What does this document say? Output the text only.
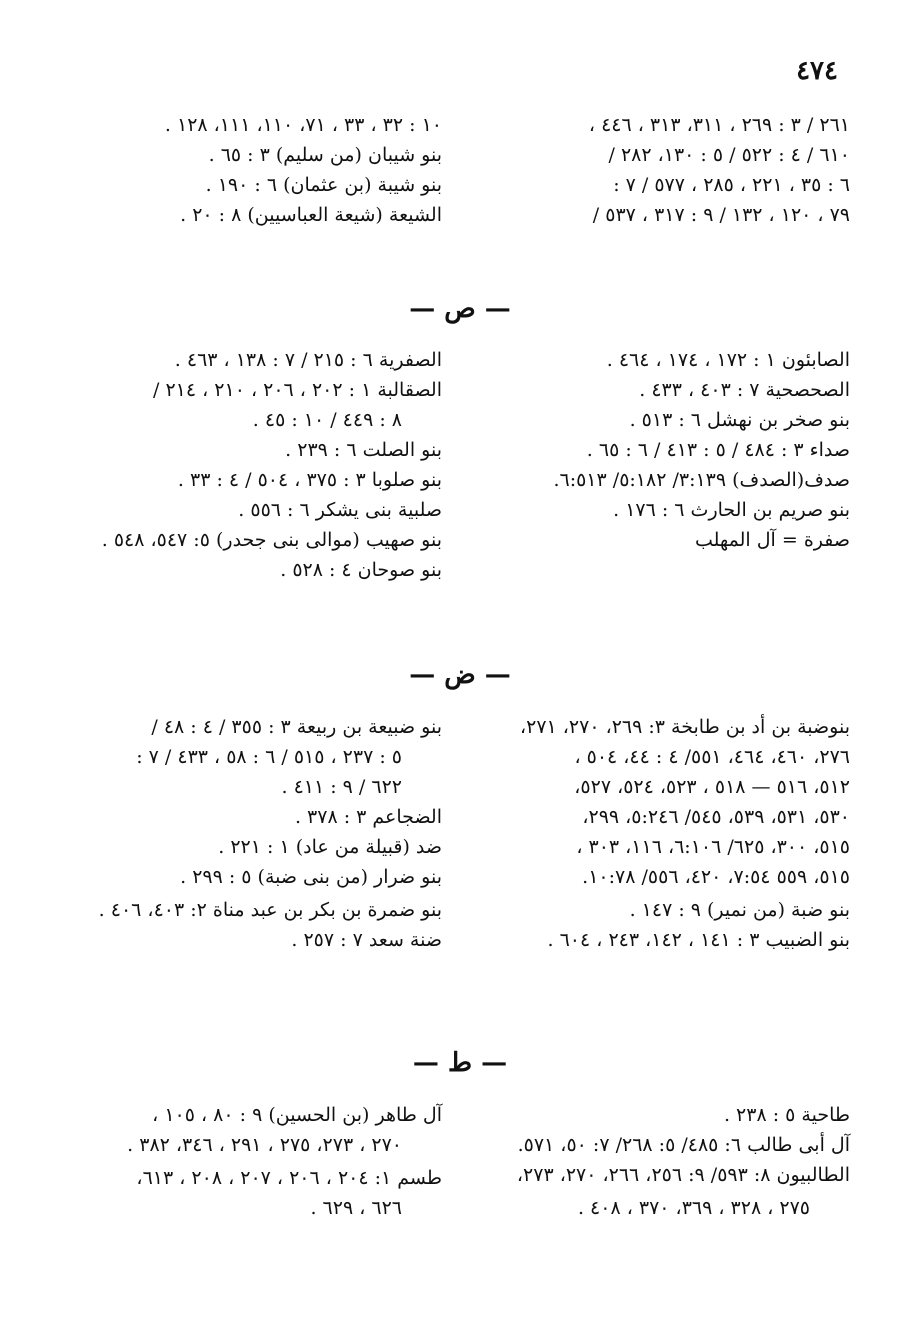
٤٧٤
٢٦١ / ٣ : ٢٦٩ ، ٣١١، ٣١٣ ، ٤٤٦ ،
٦١٠ / ٤ : ٥٢٢ / ٥ : ١٣٠، ٢٨٢ /
٦ : ٣٥ ، ٢٢١ ، ٢٨٥ ، ٥٧٧ / ٧ :
٧٩ ، ١٢٠ ، ١٣٢ / ٩ : ٣١٧ ، ٥٣٧ /
١٠ : ٣٢ ، ٣٣ ، ٧١، ١١٠، ١١١، ١٢٨ .
بنو شيبان (من سليم) ٣ : ٦٥ .
بنو شيبة (بن عثمان) ٦ : ١٩٠ .
الشيعة (شيعة العباسيين) ٨ : ٢٠ .
— ص —
الصابئون ١ : ١٧٢ ، ١٧٤ ، ٤٦٤ .
الصحصحية ٧ : ٤٠٣ ، ٤٣٣ .
بنو صخر بن نهشل ٦ : ٥١٣ .
صداء ٣ : ٤٨٤ / ٥ : ٤١٣ / ٦ : ٦٥ .
صدف(الصدف) ٣:١٣٩/ ٥:١٨٢/ ٦:٥١٣.
بنو صريم بن الحارث ٦ : ١٧٦ .
صفرة = آل المهلب
الصفرية ٦ : ٢١٥ / ٧ : ١٣٨ ، ٤٦٣ .
الصقالبة ١ : ٢٠٢ ، ٢٠٦ ، ٢١٠ ، ٢١٤ /
٨ : ٤٤٩ / ١٠ : ٤٥ .
بنو الصلت ٦ : ٢٣٩ .
بنو صلوبا ٣ : ٣٧٥ ، ٥٠٤ / ٤ : ٣٣ .
صلبية بنى يشكر ٦ : ٥٥٦ .
بنو صهيب (موالى بنى جحدر) ٥: ٥٤٧، ٥٤٨ .
بنو صوحان ٤ : ٥٢٨ .
— ض —
بنوضبة بن أد بن طابخة ٣: ٢٦٩، ٢٧٠، ٢٧١،
٢٧٦، ٤٦٠، ٤٦٤، ٥٥١/ ٤ : ٤٤، ٥٠٤ ،
٥١٢، ٥١٦ — ٥١٨ ، ٥٢٣، ٥٢٤، ٥٢٧،
٥٣٠، ٥٣١، ٥٣٩، ٥٤٥/ ٥:٢٤٦، ٢٩٩،
٥١٥، ٣٠٠، ٦٢٥/ ٦:١٠٦، ١١٦، ٣٠٣ ،
٥١٥، ٥٥٩ ٧:٥٤، ٤٢٠، ٥٥٦/ ١٠:٧٨.
بنو ضبة (من نمير) ٩ : ١٤٧ .
بنو الضبيب ٣ : ١٤١ ، ١٤٢، ٢٤٣ ، ٦٠٤ .
بنو ضبيعة بن ربيعة ٣ : ٣٥٥ / ٤ : ٤٨ /
٥ : ٢٣٧ ، ٥١٥ / ٦ : ٥٨ ، ٤٣٣ / ٧ :
٦٢٢ / ٩ : ٤١١ .
الضجاعم ٣ : ٣٧٨ .
ضد (قبيلة من عاد) ١ : ٢٢١ .
بنو ضرار (من بنى ضبة) ٥ : ٢٩٩ .
بنو ضمرة بن بكر بن عبد مناة ٢: ٤٠٣، ٤٠٦ .
ضنة سعد ٧ : ٢٥٧ .
— ط —
طاحية ٥ : ٢٣٨ .
آل أبى طالب ٦: ٤٨٥/ ٥: ٢٦٨/ ٧: ٥٠، ٥٧١.
الطالبيون ٨: ٥٩٣/ ٩: ٢٥٦، ٢٦٦، ٢٧٠، ٢٧٣،
٢٧٥ ، ٣٢٨ ، ٣٦٩، ٣٧٠ ، ٤٠٨ .
آل طاهر (بن الحسين) ٩ : ٨٠ ، ١٠٥ ،
٢٧٠ ، ٢٧٣، ٢٧٥ ، ٢٩١ ، ٣٤٦، ٣٨٢ .
طسم ١: ٢٠٤ ، ٢٠٦ ، ٢٠٧ ، ٢٠٨ ، ٦١٣،
٦٢٦ ، ٦٢٩ .
